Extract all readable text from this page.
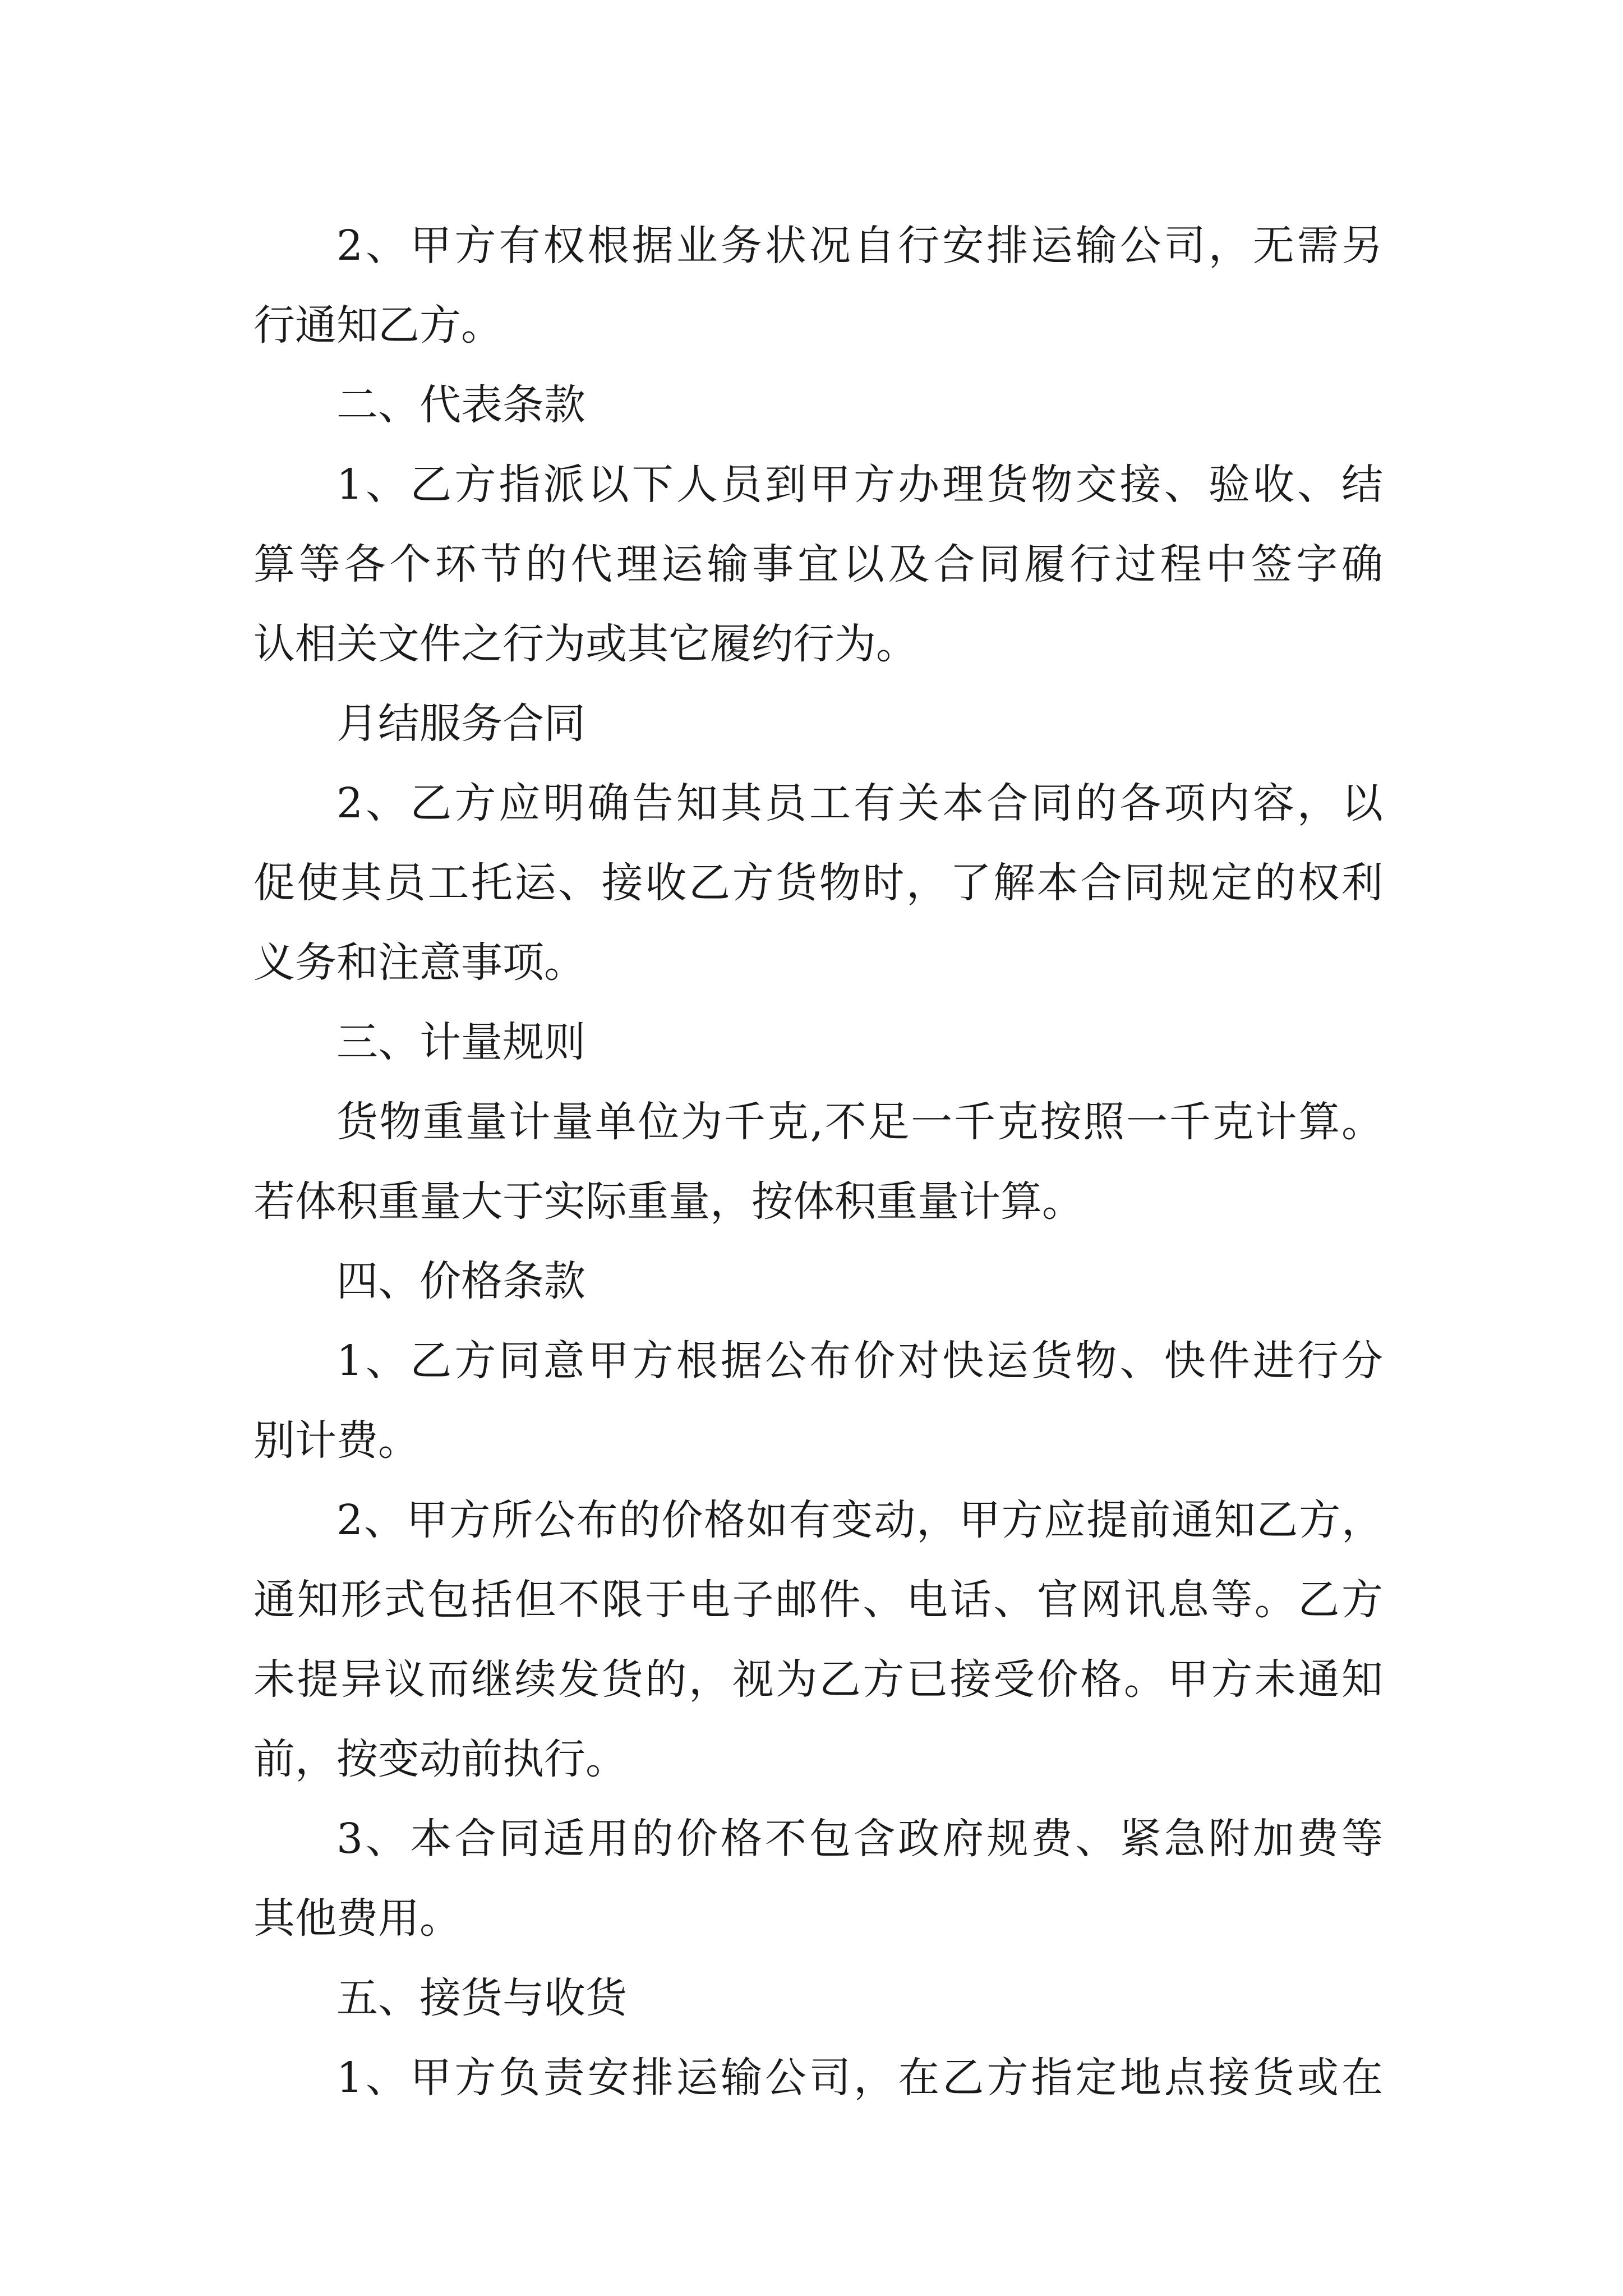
2、甲方有权根据业务状况自行安排运输公司，无需另
行通知乙方。
二、代表条款
1、乙方指派以下人员到甲方办理货物交接、验收、结
算等各个环节的代理运输事宜以及合同履行过程中签字确
认相关文件之行为或其它履约行为。
月结服务合同
2、乙方应明确告知其员工有关本合同的各项内容，以
促使其员工托运、接收乙方货物时，了解本合同规定的权利
义务和注意事项。
三、计量规则
货物重量计量单位为千克,不足一千克按照一千克计算。
若体积重量大于实际重量，按体积重量计算。
四、价格条款
1、乙方同意甲方根据公布价对快运货物、快件进行分
别计费。
2、甲方所公布的价格如有变动，甲方应提前通知乙方，
通知形式包括但不限于电子邮件、电话、官网讯息等。乙方
未提异议而继续发货的，视为乙方已接受价格。甲方未通知
前，按变动前执行。
3、本合同适用的价格不包含政府规费、紧急附加费等
其他费用。
五、接货与收货
1、甲方负责安排运输公司，在乙方指定地点接货或在
